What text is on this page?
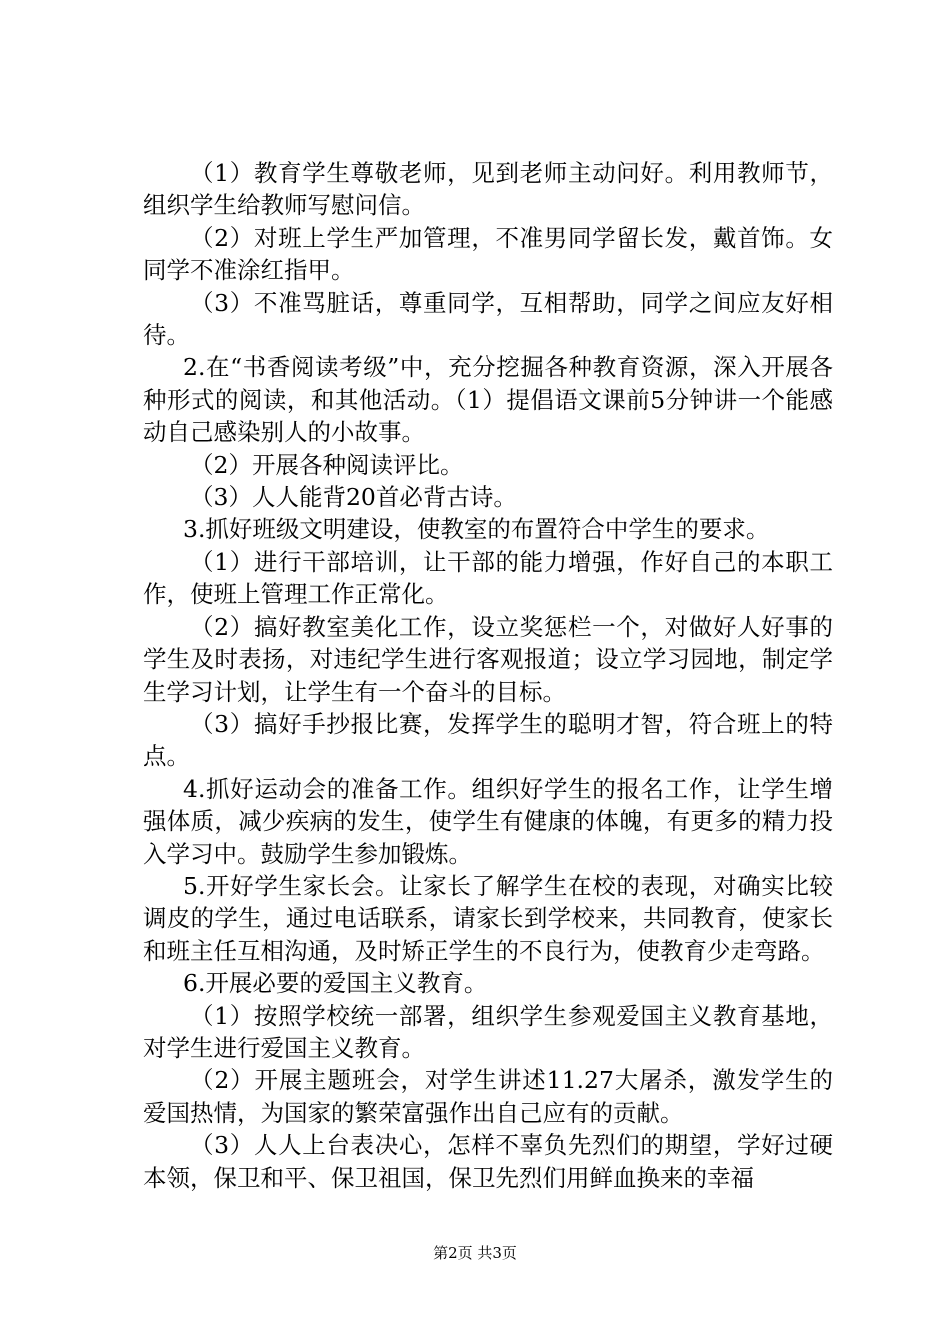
（1）教育学生尊敬老师，见到老师主动问好。利用教师节，组织学生给教师写慰问信。

（2）对班上学生严加管理，不准男同学留长发，戴首饰。女同学不准涂红指甲。

（3）不准骂脏话，尊重同学，互相帮助，同学之间应友好相待。

2.在“书香阅读考级”中，充分挖掘各种教育资源，深入开展各种形式的阅读，和其他活动。（1）提倡语文课前5分钟讲一个能感动自己感染别人的小故事。

（2）开展各种阅读评比。

（3）人人能背20首必背古诗。

3.抓好班级文明建设，使教室的布置符合中学生的要求。

（1）进行干部培训，让干部的能力增强，作好自己的本职工作，使班上管理工作正常化。

（2）搞好教室美化工作，设立奖惩栏一个，对做好人好事的学生及时表扬，对违纪学生进行客观报道；设立学习园地，制定学生学习计划，让学生有一个奋斗的目标。

（3）搞好手抄报比赛，发挥学生的聪明才智，符合班上的特点。

4.抓好运动会的准备工作。组织好学生的报名工作，让学生增强体质，减少疾病的发生，使学生有健康的体魄，有更多的精力投入学习中。鼓励学生参加锻炼。

5.开好学生家长会。让家长了解学生在校的表现，对确实比较调皮的学生，通过电话联系，请家长到学校来，共同教育，使家长和班主任互相沟通，及时矫正学生的不良行为，使教育少走弯路。

6.开展必要的爱国主义教育。

（1）按照学校统一部署，组织学生参观爱国主义教育基地，对学生进行爱国主义教育。

（2）开展主题班会，对学生讲述11.27大屠杀，激发学生的爱国热情，为国家的繁荣富强作出自己应有的贡献。

（3）人人上台表决心，怎样不辜负先烈们的期望，学好过硬本领，保卫和平、保卫祖国，保卫先烈们用鲜血换来的幸福

第2页 共3页
